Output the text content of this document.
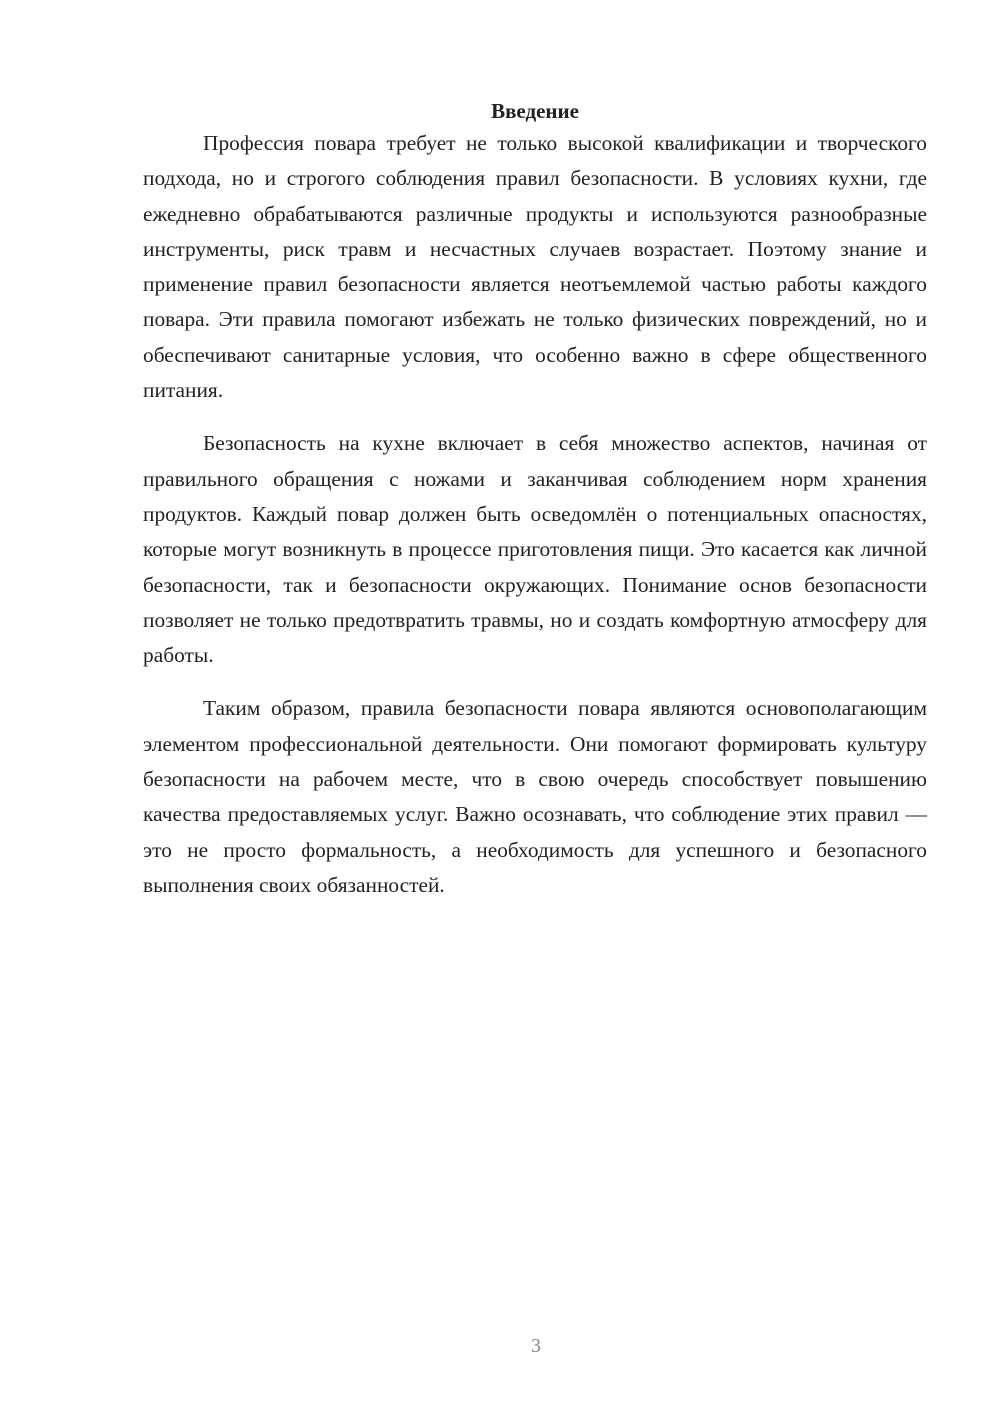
Введение

Профессия повара требует не только высокой квалификации и творческого подхода, но и строгого соблюдения правил безопасности. В условиях кухни, где ежедневно обрабатываются различные продукты и используются разнообразные инструменты, риск травм и несчастных случаев возрастает. Поэтому знание и применение правил безопасности является неотъемлемой частью работы каждого повара. Эти правила помогают избежать не только физических повреждений, но и обеспечивают санитарные условия, что особенно важно в сфере общественного питания.

Безопасность на кухне включает в себя множество аспектов, начиная от правильного обращения с ножами и заканчивая соблюдением норм хранения продуктов. Каждый повар должен быть осведомлён о потенциальных опасностях, которые могут возникнуть в процессе приготовления пищи. Это касается как личной безопасности, так и безопасности окружающих. Понимание основ безопасности позволяет не только предотвратить травмы, но и создать комфортную атмосферу для работы.

Таким образом, правила безопасности повара являются основополагающим элементом профессиональной деятельности. Они помогают формировать культуру безопасности на рабочем месте, что в свою очередь способствует повышению качества предоставляемых услуг. Важно осознавать, что соблюдение этих правил — это не просто формальность, а необходимость для успешного и безопасного выполнения своих обязанностей.

3
